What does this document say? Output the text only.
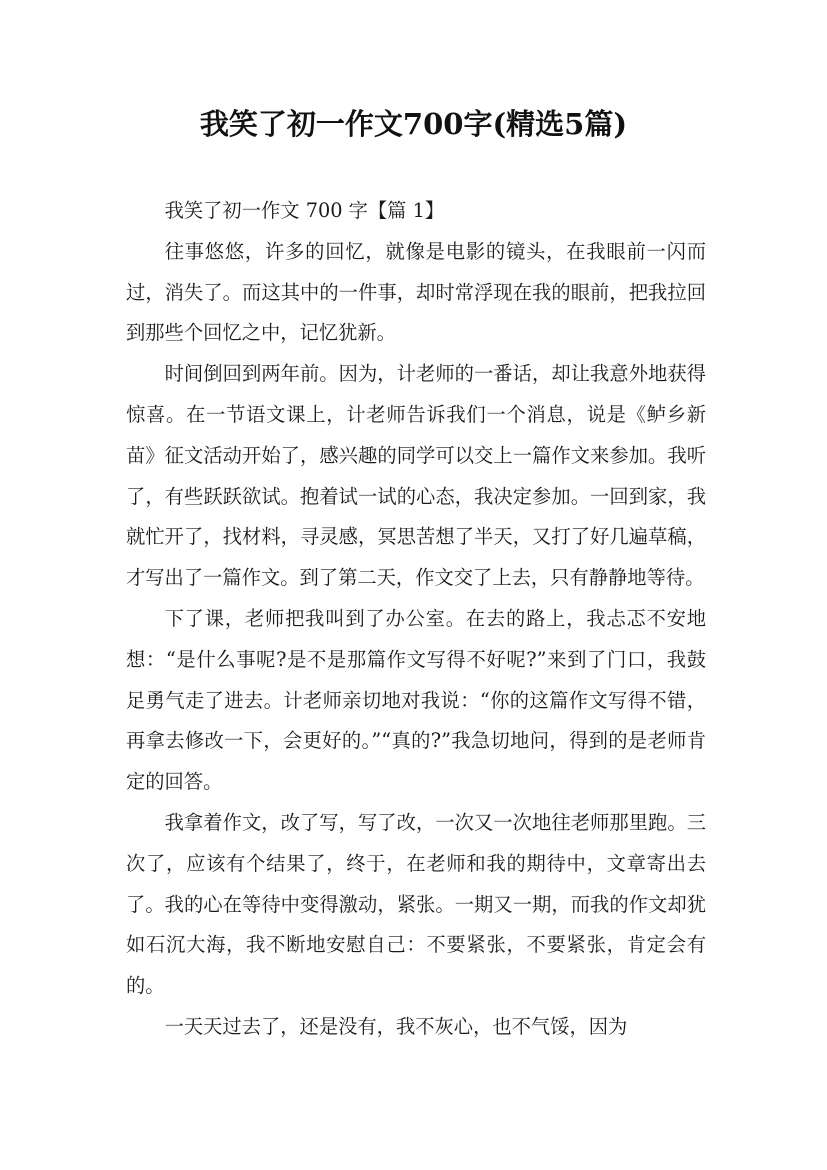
我笑了初一作文700字(精选5篇)

我笑了初一作文 700 字【篇 1】

往事悠悠，许多的回忆，就像是电影的镜头，在我眼前一闪而过，消失了。而这其中的一件事，却时常浮现在我的眼前，把我拉回到那些个回忆之中，记忆犹新。

时间倒回到两年前。因为，计老师的一番话，却让我意外地获得惊喜。在一节语文课上，计老师告诉我们一个消息，说是《鲈乡新苗》征文活动开始了，感兴趣的同学可以交上一篇作文来参加。我听了，有些跃跃欲试。抱着试一试的心态，我决定参加。一回到家，我就忙开了，找材料，寻灵感，冥思苦想了半天，又打了好几遍草稿，才写出了一篇作文。到了第二天，作文交了上去，只有静静地等待。

下了课，老师把我叫到了办公室。在去的路上，我忐忑不安地想：“是什么事呢?是不是那篇作文写得不好呢?”来到了门口，我鼓足勇气走了进去。计老师亲切地对我说：“你的这篇作文写得不错，再拿去修改一下，会更好的。”“真的?”我急切地问，得到的是老师肯定的回答。

我拿着作文，改了写，写了改，一次又一次地往老师那里跑。三次了，应该有个结果了，终于，在老师和我的期待中，文章寄出去了。我的心在等待中变得激动，紧张。一期又一期，而我的作文却犹如石沉大海，我不断地安慰自己：不要紧张，不要紧张，肯定会有的。

一天天过去了，还是没有，我不灰心，也不气馁，因为
